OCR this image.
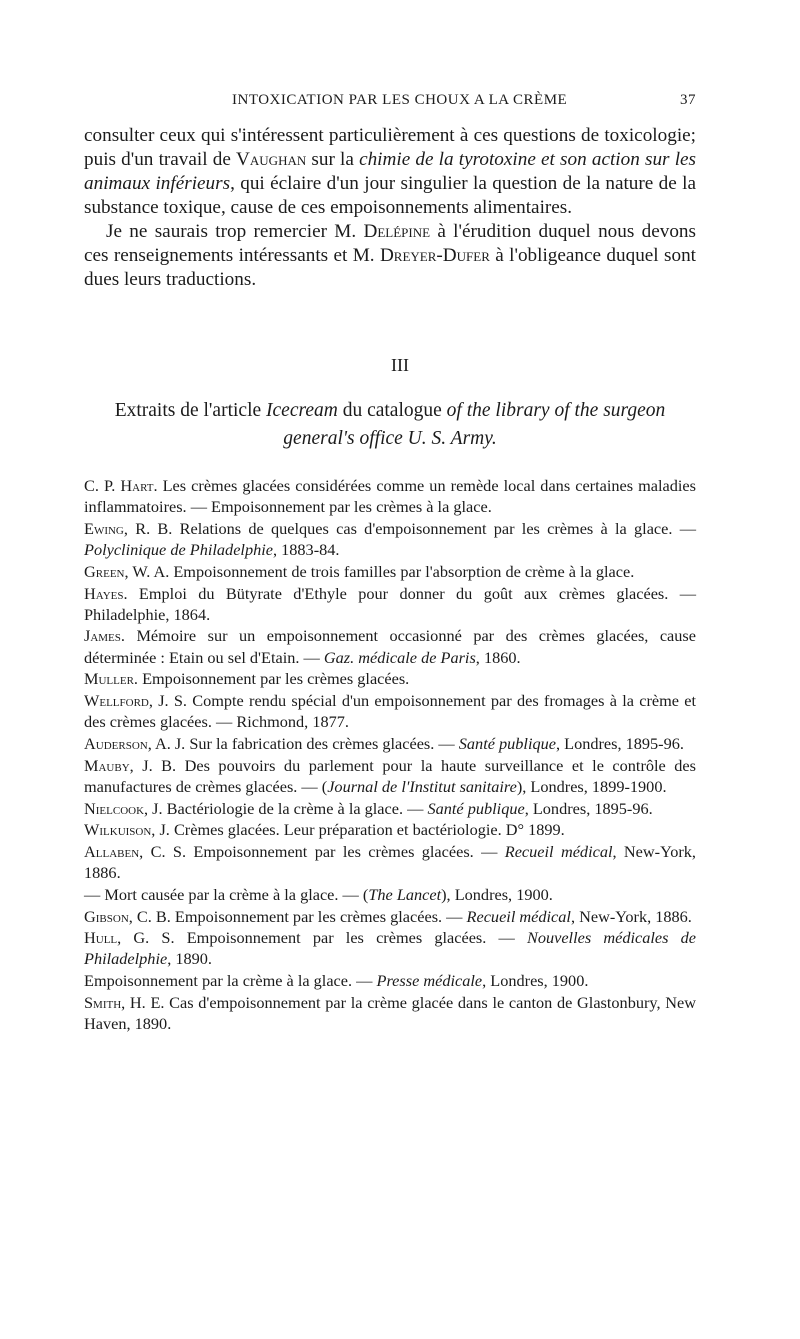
INTOXICATION PAR LES CHOUX A LA CRÈME	37

consulter ceux qui s'intéressent particulièrement à ces questions de toxicologie; puis d'un travail de Vaughan sur la chimie de la tyrotoxine et son action sur les animaux inférieurs, qui éclaire d'un jour singulier la question de la nature de la substance toxique, cause de ces empoisonnements alimentaires.

Je ne saurais trop remercier M. Delépine à l'érudition duquel nous devons ces renseignements intéressants et M. Dreyer-Dufer à l'obligeance duquel sont dues leurs traductions.

III
Extraits de l'article Icecream du catalogue of the library of the surgeon general's office U. S. Army.

C. P. Hart. Les crèmes glacées considérées comme un remède local dans certaines maladies inflammatoires. — Empoisonnement par les crèmes à la glace.

Ewing, R. B. Relations de quelques cas d'empoisonnement par les crèmes à la glace. — Polyclinique de Philadelphie, 1883-84.

Green, W. A. Empoisonnement de trois familles par l'absorption de crème à la glace.

Hayes. Emploi du Bütyrate d'Ethyle pour donner du goût aux crèmes glacées. — Philadelphie, 1864.

James. Mémoire sur un empoisonnement occasionné par des crèmes glacées, cause déterminée : Etain ou sel d'Etain. — Gaz. médicale de Paris, 1860.

Muller. Empoisonnement par les crèmes glacées.

Wellford, J. S. Compte rendu spécial d'un empoisonnement par des fromages à la crème et des crèmes glacées. — Richmond, 1877.

Auderson, A. J. Sur la fabrication des crèmes glacées. — Santé publique, Londres, 1895-96.

Mauby, J. B. Des pouvoirs du parlement pour la haute surveillance et le contrôle des manufactures de crèmes glacées. — (Journal de l'Institut sanitaire), Londres, 1899-1900.

Nielcook, J. Bactériologie de la crème à la glace. — Santé publique, Londres, 1895-96.

Wilkuison, J. Crèmes glacées. Leur préparation et bactériologie. D° 1899.

Allaben, C. S. Empoisonnement par les crèmes glacées. — Recueil médical, New-York, 1886.

— Mort causée par la crème à la glace. — (The Lancet), Londres, 1900.

Gibson, C. B. Empoisonnement par les crèmes glacées. — Recueil médical, New-York, 1886.

Hull, G. S. Empoisonnement par les crèmes glacées. — Nouvelles médicales de Philadelphie, 1890.

Empoisonnement par la crème à la glace. — Presse médicale, Londres, 1900.

Smith, H. E. Cas d'empoisonnement par la crème glacée dans le canton de Glastonbury, New Haven, 1890.
